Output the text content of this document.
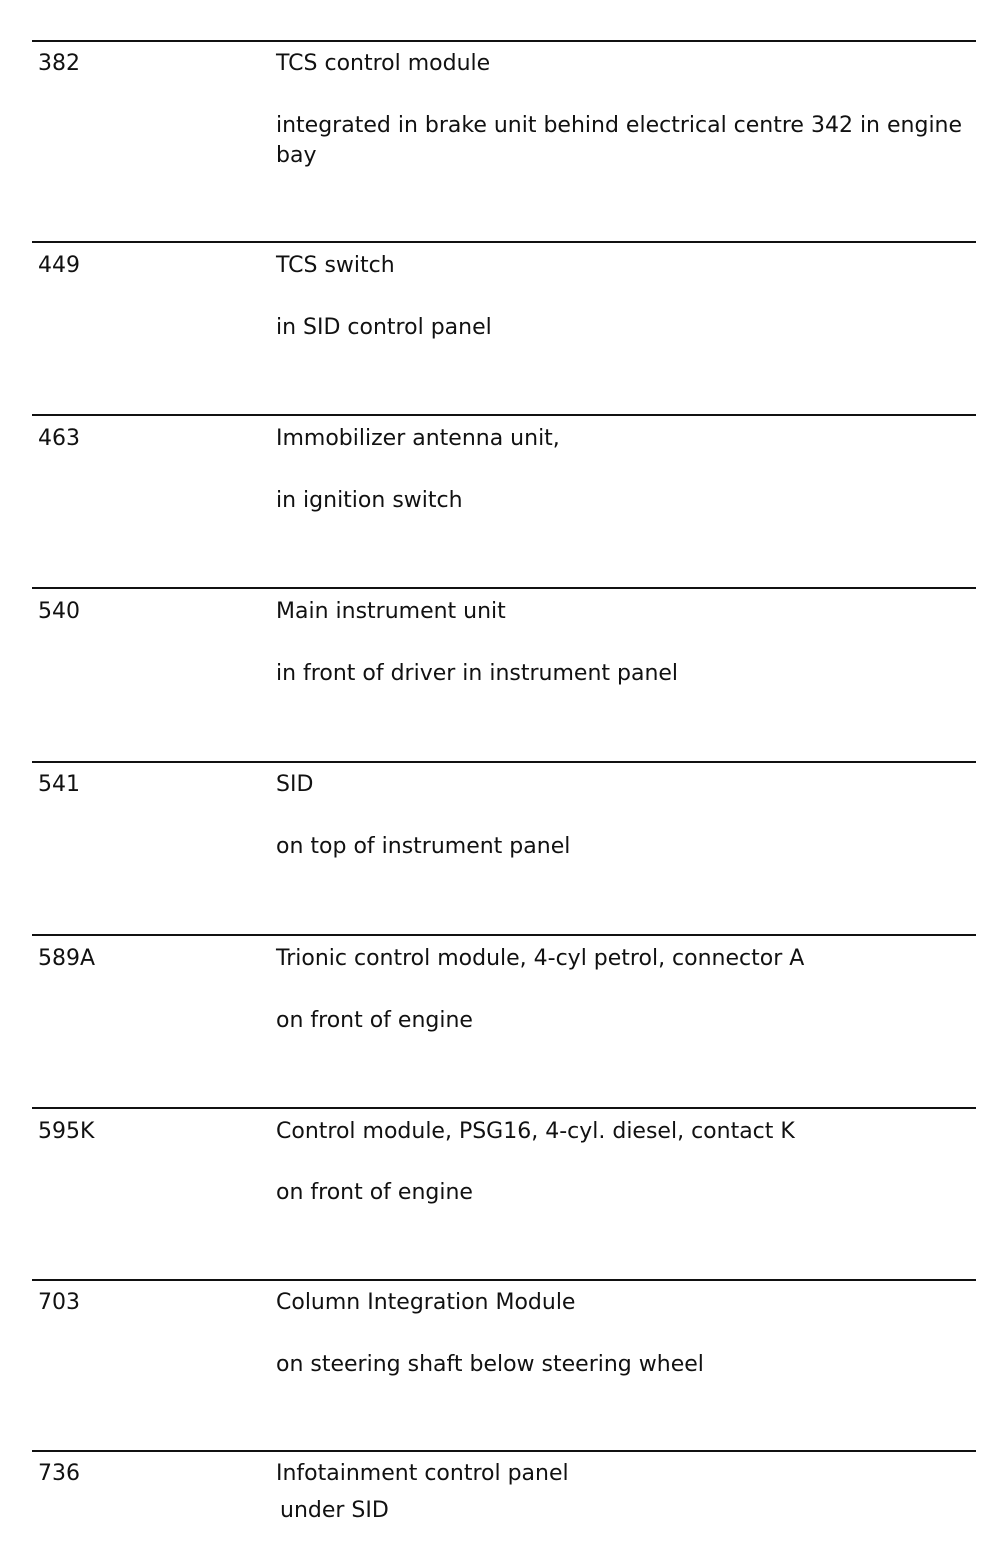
382	TCS control module
integrated in brake unit behind electrical centre 342 in engine bay
449	TCS switch
in SID control panel
463	Immobilizer antenna unit,
in ignition switch
540	Main instrument unit
in front of driver in instrument panel
541	SID
on top of instrument panel
589A	Trionic control module, 4-cyl petrol, connector A
on front of engine
595K	Control module, PSG16, 4-cyl. diesel, contact K
on front of engine
703	Column Integration Module
on steering shaft below steering wheel
736	Infotainment control panel
under SID
